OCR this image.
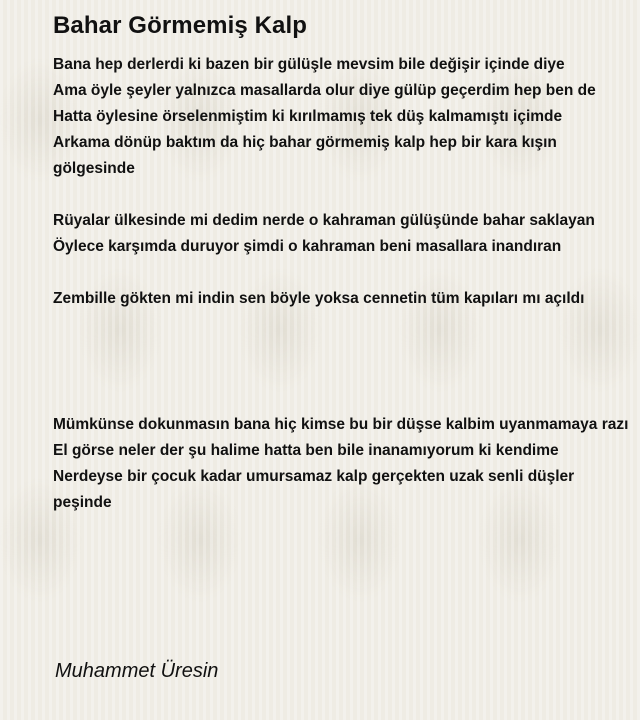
Bahar Görmemiş Kalp

Bana hep derlerdi ki bazen bir gülüşle mevsim bile değişir içinde diye
Ama öyle şeyler yalnızca masallarda olur diye gülüp geçerdim hep ben de
Hatta öylesine örselenmiştim ki kırılmamış tek düş kalmamıştı içimde
Arkama dönüp baktım da hiç bahar görmemiş kalp hep bir kara kışın
gölgesinde

Rüyalar ülkesinde mi dedim nerde o kahraman gülüşünde bahar saklayan
Öylece karşımda duruyor şimdi o kahraman beni masallara inandıran

Zembille gökten mi indin sen böyle yoksa cennetin tüm kapıları mı açıldı

Mümkünse dokunmasın bana hiç kimse bu bir düşse kalbim uyanmamaya razı
El görse neler der şu halime hatta ben bile inanamıyorum ki kendime
Nerdeyse bir çocuk kadar umursamaz kalp gerçekten uzak senli düşler
peşinde

Muhammet Üresin
